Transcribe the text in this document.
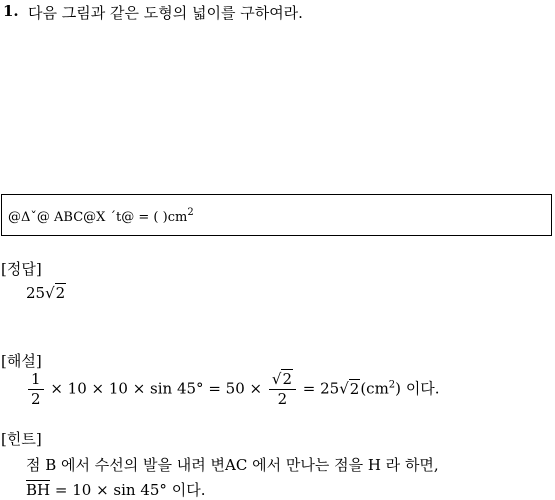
1. 다음 그림과 같은 도형의 넓이를 구하여라.
@Δˇ@ ABC@X ´t@ = ( )$cm^2$
[정답]
25√2
[해설]
$\frac{1}{2} \times 10 \times 10 \times \sin 45^\circ = 50 \times \frac{√2}{2} = 25√2(cm^2)$ 이다.
[힌트]
점 B 에서 수선의 발을 내려 변AC 에서 만나는 점을 H 라 하면,
BH = 10 × sin 45° 이다.
